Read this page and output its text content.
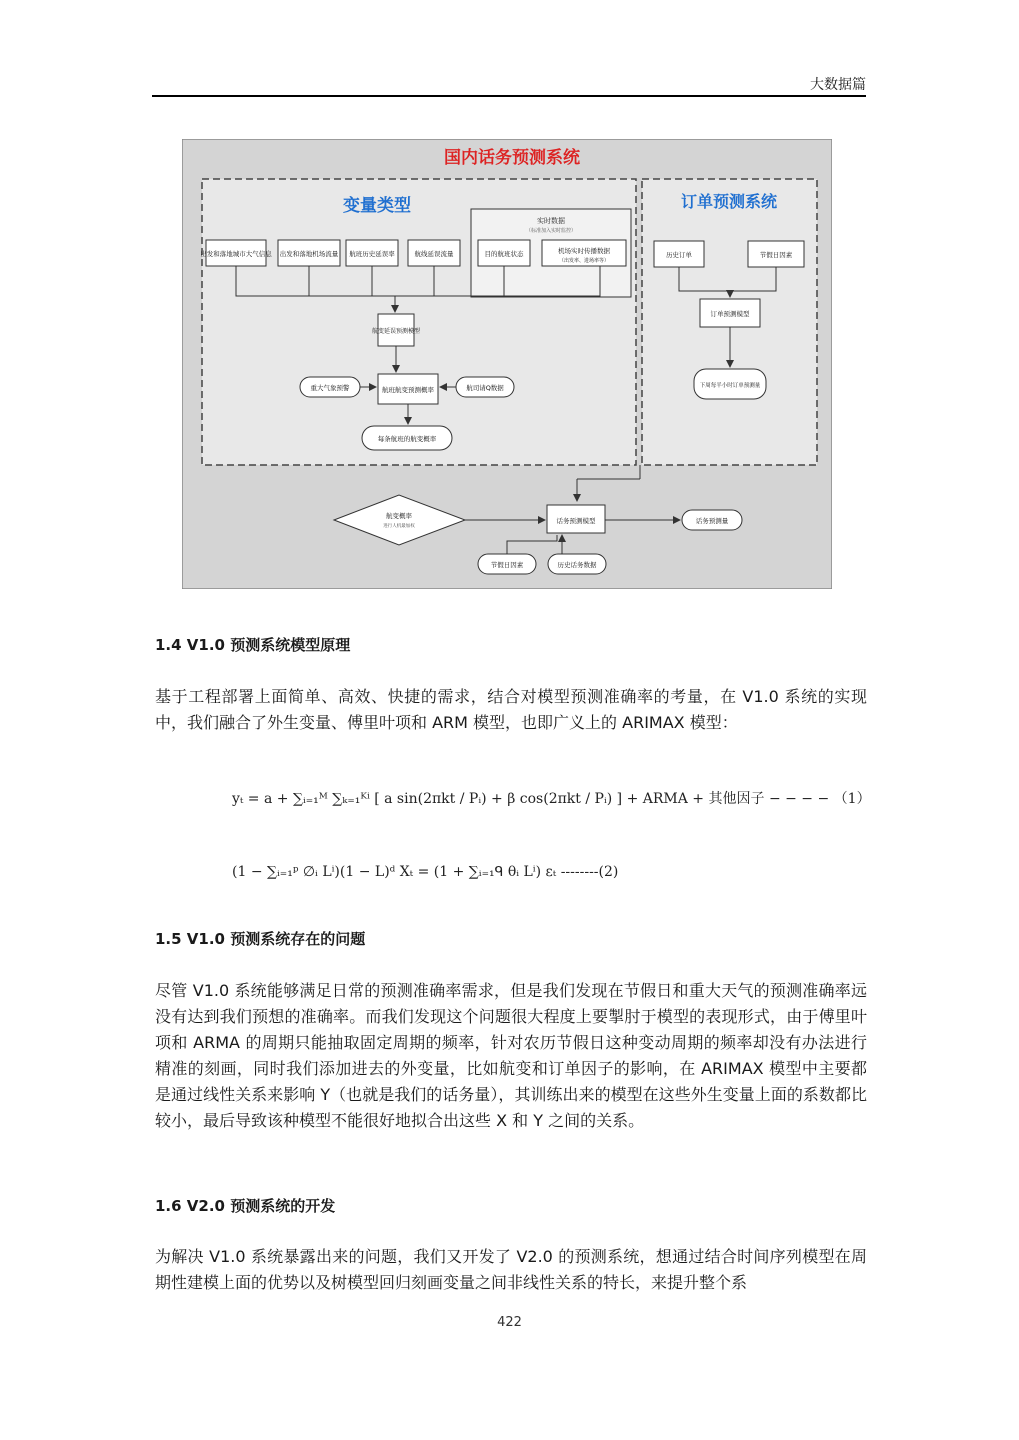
大数据篇
国内话务预测系统
变量类型
实时数据
（标准加入实时监控）
出发和落地城市大气信息 出发和落地机场流量 航班历史延误率	航线延误流量	目的航班状态	机场实时传播数据
（出发率、进场率等）
航变延误预测模型
航班航变预测概率
重大气象预警	航司请Q数据
每条航班的航变概率
订单预测系统
历史订单	节假日因素
订单预测模型
下周每半小时订单预测量
航变概率
进行人机最加权
话务预测模型	话务预测量
节假日因素	历史话务数据
1.4 V1.0 预测系统模型原理
基于工程部署上面简单、高效、快捷的需求，结合对模型预测准确率的考量，在 V1.0 系统的实现中，我们融合了外生变量、傅里叶项和 ARM 模型，也即广义上的 ARIMAX 模型：
yₜ = a + ∑ᵢ₌₁ᴹ ∑ₖ₌₁ᴷⁱ [ a sin(2πkt / Pᵢ) + β cos(2πkt / Pᵢ) ] + ARMA + 其他因子 − − − − （1）
(1 − ∑ᵢ₌₁ᵖ ∅ᵢ Lⁱ)(1 − L)ᵈ Xₜ = (1 + ∑ᵢ₌₁ᑫ θᵢ Lⁱ) εₜ --------(2)
1.5 V1.0 预测系统存在的问题
尽管 V1.0 系统能够满足日常的预测准确率需求，但是我们发现在节假日和重大天气的预测准确率远没有达到我们预想的准确率。而我们发现这个问题很大程度上要掣肘于模型的表现形式，由于傅里叶项和 ARMA 的周期只能抽取固定周期的频率，针对农历节假日这种变动周期的频率却没有办法进行精准的刻画，同时我们添加进去的外变量，比如航变和订单因子的影响，在 ARIMAX 模型中主要都是通过线性关系来影响 Y（也就是我们的话务量），其训练出来的模型在这些外生变量上面的系数都比较小，最后导致该种模型不能很好地拟合出这些 X 和 Y 之间的关系。
1.6 V2.0 预测系统的开发
为解决 V1.0 系统暴露出来的问题，我们又开发了 V2.0 的预测系统，想通过结合时间序列模型在周期性建模上面的优势以及树模型回归刻画变量之间非线性关系的特长，来提升整个系
422
